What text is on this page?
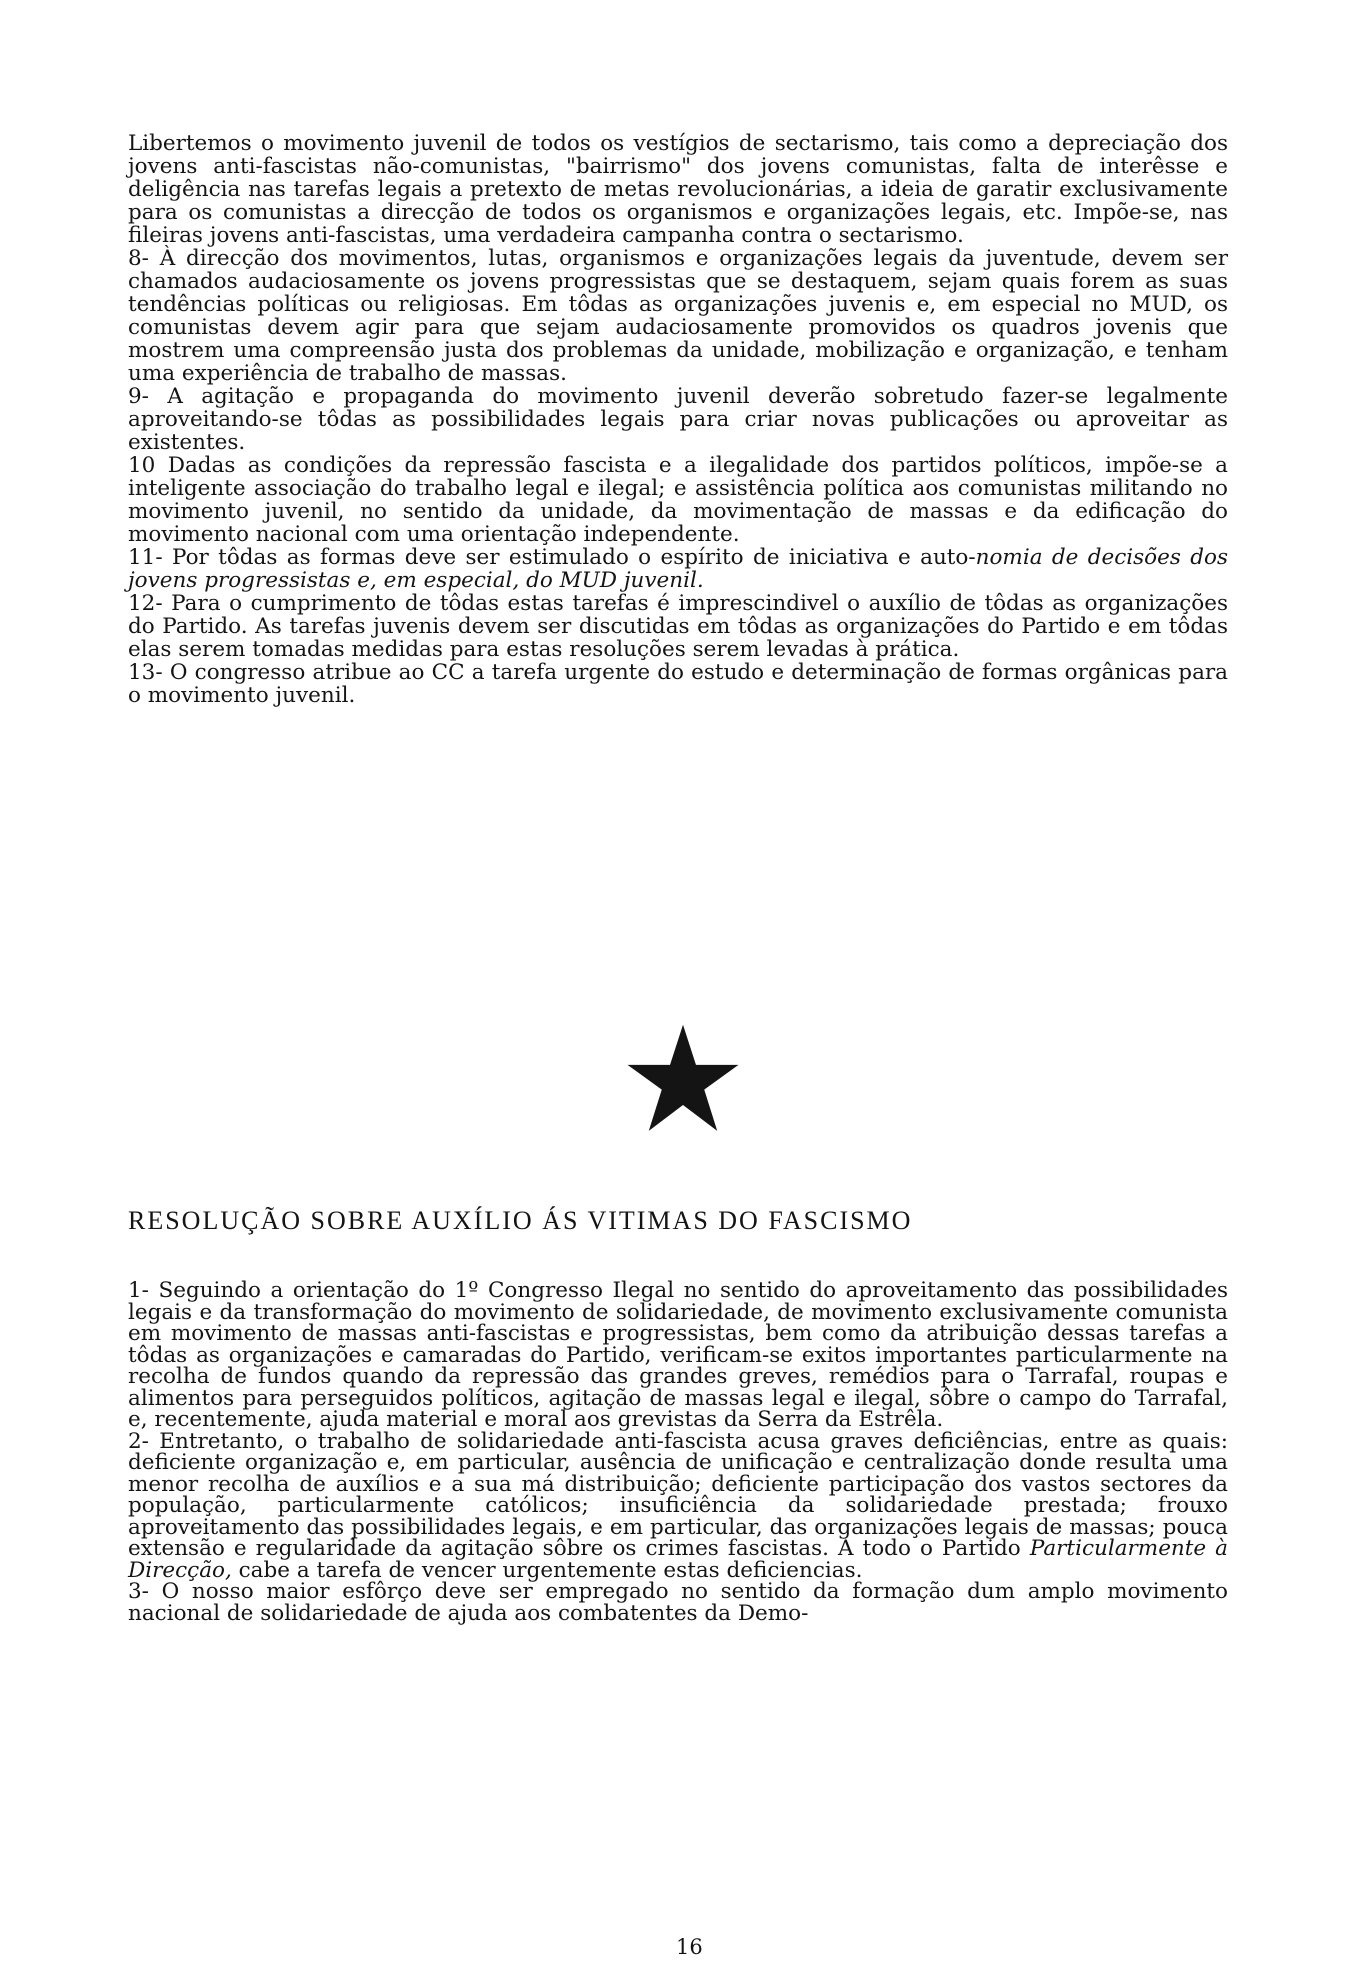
Libertemos o movimento juvenil de todos os vestígios de sectarismo, tais como a depreciação dos jovens anti-fascistas não-comunistas, "bairrismo" dos jovens comunistas, falta de interêsse e deligência nas tarefas legais a pretexto de metas revolucionárias, a ideia de garatir exclusivamente para os comunistas a direcção de todos os organismos e organizações legais, etc. Impõe-se, nas fileiras jovens anti-fascistas, uma verdadeira campanha contra o sectarismo.

8- À direcção dos movimentos, lutas, organismos e organizações legais da juventude, devem ser chamados audaciosamente os jovens progressistas que se destaquem, sejam quais forem as suas tendências políticas ou religiosas. Em tôdas as organizações juvenis e, em especial no MUD, os comunistas devem agir para que sejam audaciosamente promovidos os quadros jovenis que mostrem uma compreensão justa dos problemas da unidade, mobilização e organização, e tenham uma experiência de trabalho de massas.

9- A agitação e propaganda do movimento juvenil deverão sobretudo fazer-se legalmente aproveitando-se tôdas as possibilidades legais para criar novas publicações ou aproveitar as existentes.

10 Dadas as condições da repressão fascista e a ilegalidade dos partidos políticos, impõe-se a inteligente associação do trabalho legal e ilegal; e assistência política aos comunistas militando no movimento juvenil, no sentido da unidade, da movimentação de massas e da edificação do movimento nacional com uma orientação independente.

11- Por tôdas as formas deve ser estimulado o espírito de iniciativa e auto-nomia de decisões dos jovens progressistas e, em especial, do MUD juvenil.

12- Para o cumprimento de tôdas estas tarefas é imprescindivel o auxílio de tôdas as organizações do Partido. As tarefas juvenis devem ser discutidas em tôdas as organizações do Partido e em tôdas elas serem tomadas medidas para estas resoluções serem levadas à prática.

13- O congresso atribue ao CC a tarefa urgente do estudo e determinação de formas orgânicas para o movimento juvenil.

RESOLUÇÃO SOBRE AUXÍLIO ÁS VITIMAS DO FASCISMO

1- Seguindo a orientação do 1º Congresso Ilegal no sentido do aproveitamento das possibilidades legais e da transformação do movimento de solidariedade, de movimento exclusivamente comunista em movimento de massas anti-fascistas e progressistas, bem como da atribuição dessas tarefas a tôdas as organizações e camaradas do Partido, verificam-se exitos importantes particularmente na recolha de fundos quando da repressão das grandes greves, remédios para o Tarrafal, roupas e alimentos para perseguidos políticos, agitação de massas legal e ilegal, sôbre o campo do Tarrafal, e, recentemente, ajuda material e moral aos grevistas da Serra da Estrêla.

2- Entretanto, o trabalho de solidariedade anti-fascista acusa graves deficiências, entre as quais: deficiente organização e, em particular, ausência de unificação e centralização donde resulta uma menor recolha de auxílios e a sua má distribuição; deficiente participação dos vastos sectores da população, particularmente católicos; insuficiência da solidariedade prestada; frouxo aproveitamento das possibilidades legais, e em particular, das organizações legais de massas; pouca extensão e regularidade da agitação sôbre os crimes fascistas. A todo o Partido Particularmente à Direcção, cabe a tarefa de vencer urgentemente estas deficiencias.

3- O nosso maior esfôrço deve ser empregado no sentido da formação dum amplo movimento nacional de solidariedade de ajuda aos combatentes da Demo-

16
